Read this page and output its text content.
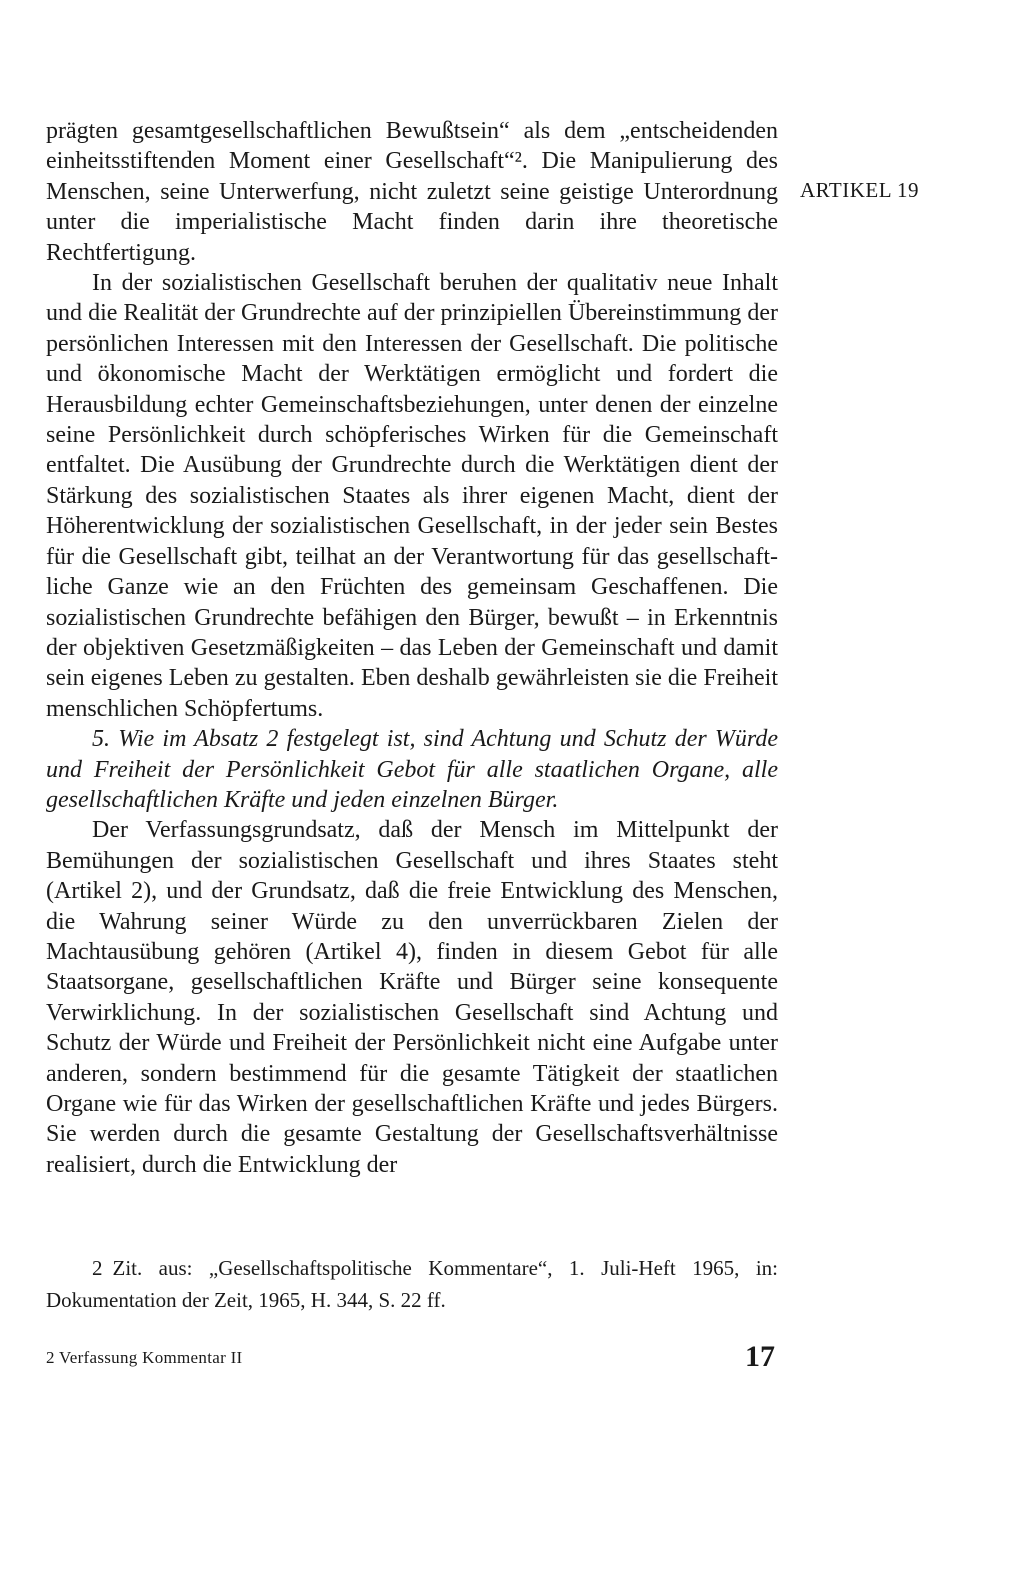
prägten gesamtgesellschaftlichen Bewußtsein“ als dem „entscheidenden einheitsstiftenden Moment einer Gesellschaft“². Die Manipulierung des Menschen, seine Unterwerfung, nicht zuletzt seine geistige Unterordnung unter die imperialistische Macht finden darin ihre theoretische Rechtfertigung.

In der sozialistischen Gesellschaft beruhen der qualitativ neue Inhalt und die Realität der Grundrechte auf der prinzipiellen Übereinstimmung der persönlichen Interessen mit den Interessen der Gesellschaft. Die politische und ökonomische Macht der Werktätigen ermöglicht und fordert die Herausbildung echter Gemeinschaftsbeziehungen, unter denen der einzelne seine Persönlichkeit durch schöpferisches Wirken für die Gemeinschaft entfaltet. Die Ausübung der Grundrechte durch die Werktätigen dient der Stärkung des sozialistischen Staates als ihrer eigenen Macht, dient der Höherentwicklung der sozialistischen Gesellschaft, in der jeder sein Bestes für die Gesellschaft gibt, teilhat an der Verantwortung für das gesellschaftliche Ganze wie an den Früchten des gemeinsam Geschaffenen. Die sozialistischen Grundrechte befähigen den Bürger, bewußt – in Erkenntnis der objektiven Gesetzmäßigkeiten – das Leben der Gemeinschaft und damit sein eigenes Leben zu gestalten. Eben deshalb gewährleisten sie die Freiheit menschlichen Schöpfertums.

5. Wie im Absatz 2 festgelegt ist, sind Achtung und Schutz der Würde und Freiheit der Persönlichkeit Gebot für alle staatlichen Organe, alle gesellschaftlichen Kräfte und jeden einzelnen Bürger.

Der Verfassungsgrundsatz, daß der Mensch im Mittelpunkt der Bemühungen der sozialistischen Gesellschaft und ihres Staates steht (Artikel 2), und der Grundsatz, daß die freie Entwicklung des Menschen, die Wahrung seiner Würde zu den unverrückbaren Zielen der Machtausübung gehören (Artikel 4), finden in diesem Gebot für alle Staatsorgane, gesellschaftlichen Kräfte und Bürger seine konsequente Verwirklichung. In der sozialistischen Gesellschaft sind Achtung und Schutz der Würde und Freiheit der Persönlichkeit nicht eine Aufgabe unter anderen, sondern bestimmend für die gesamte Tätigkeit der staatlichen Organe wie für das Wirken der gesellschaftlichen Kräfte und jedes Bürgers. Sie werden durch die gesamte Gestaltung der Gesellschaftsverhältnisse realisiert, durch die Entwicklung der

ARTIKEL 19
2 Zit. aus: „Gesellschaftspolitische Kommentare“, 1. Juli-Heft 1965, in: Dokumentation der Zeit, 1965, H. 344, S. 22 ff.
2 Verfassung Kommentar II	17
